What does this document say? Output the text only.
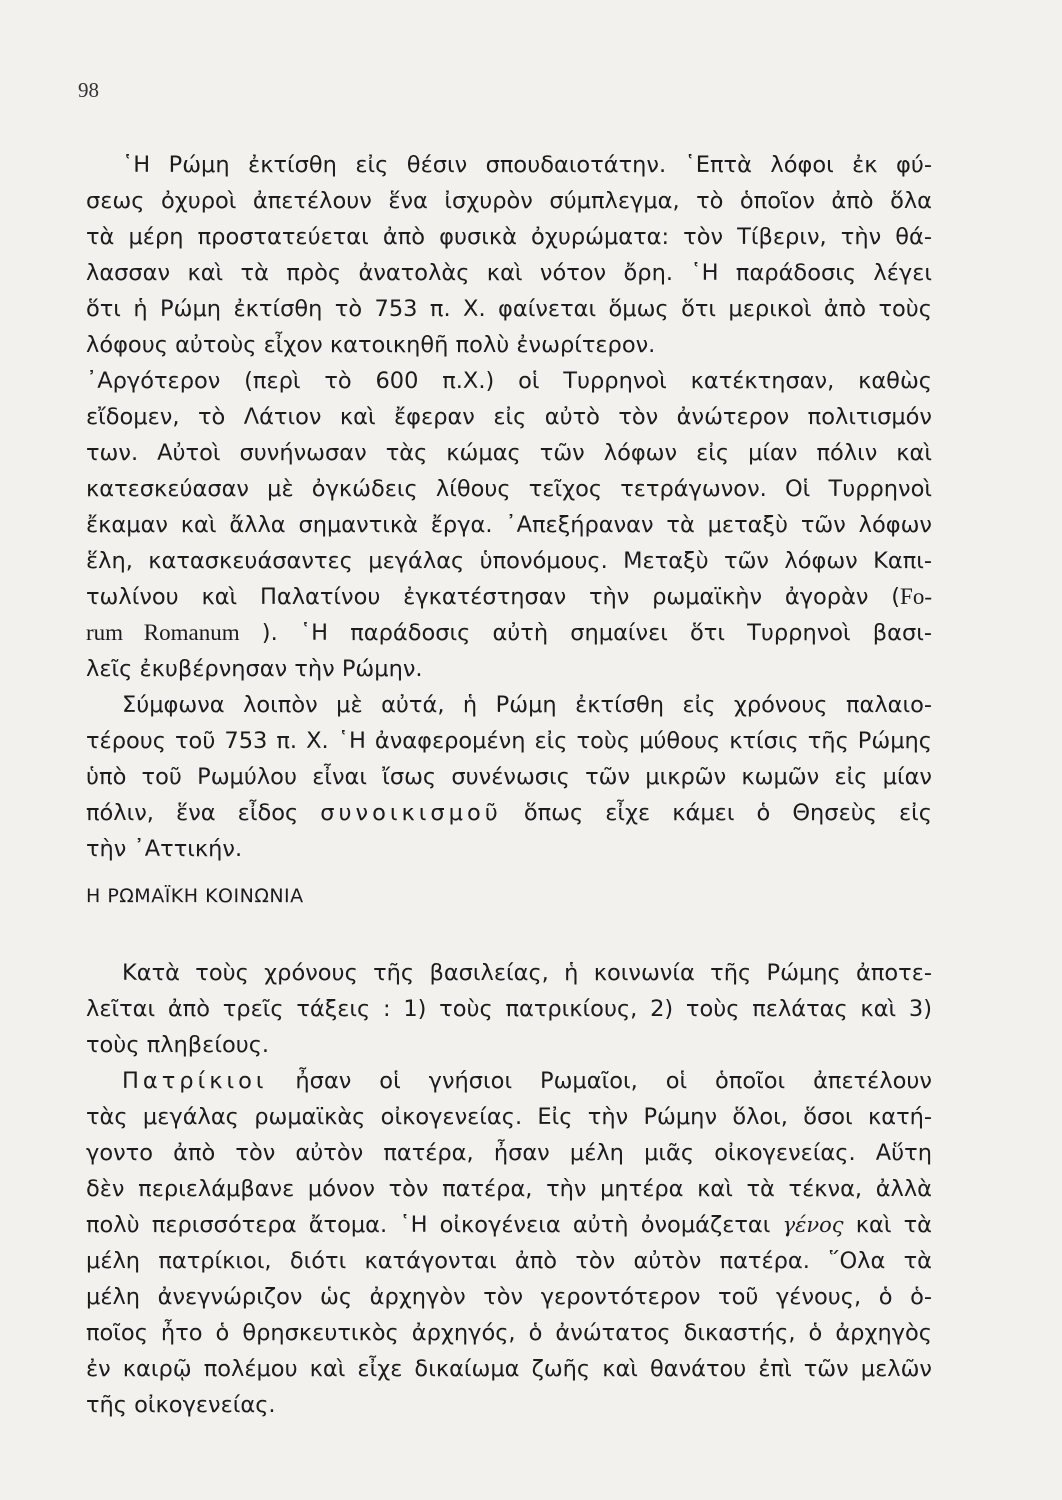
98
῾Η Ρώμη ἐκτίσθη εἰς θέσιν σπουδαιοτάτην. ῾Επτὰ λόφοι ἐκ φύ-
σεως ὀχυροὶ ἀπετέλουν ἕνα ἰσχυρὸν σύμπλεγμα, τὸ ὁποῖον ἀπὸ ὅλα
τὰ μέρη προστατεύεται ἀπὸ φυσικὰ ὀχυρώματα: τὸν Τίβεριν, τὴν θά-
λασσαν καὶ τὰ πρὸς ἀνατολὰς καὶ νότον ὄρη. ῾Η παράδοσις λέγει
ὅτι ἡ Ρώμη ἐκτίσθη τὸ 753 π. Χ. φαίνεται ὅμως ὅτι μερικοὶ ἀπὸ τοὺς
λόφους αὐτοὺς εἶχον κατοικηθῆ πολὺ ἐνωρίτερον.
᾿Αργότερον (περὶ τὸ 600 π.Χ.) οἱ Τυρρηνοὶ κατέκτησαν, καθὼς
εἴδομεν, τὸ Λάτιον καὶ ἔφεραν εἰς αὐτὸ τὸν ἀνώτερον πολιτισμόν
των. Αὐτοὶ συνήνωσαν τὰς κώμας τῶν λόφων εἰς μίαν πόλιν καὶ
κατεσκεύασαν μὲ ὀγκώδεις λίθους τεῖχος τετράγωνον. Οἱ Τυρρηνοὶ
ἔκαμαν καὶ ἄλλα σημαντικὰ ἔργα. ᾿Απεξήραναν τὰ μεταξὺ τῶν λόφων
ἕλη, κατασκευάσαντες μεγάλας ὑπονόμους. Μεταξὺ τῶν λόφων Καπι-
τωλίνου καὶ Παλατίνου ἐγκατέστησαν τὴν ρωμαϊκὴν ἀγορὰν (Fo-
rum Romanum ). ῾Η παράδοσις αὐτὴ σημαίνει ὅτι Τυρρηνοὶ βασι-
λεῖς ἐκυβέρνησαν τὴν Ρώμην.
Σύμφωνα λοιπὸν μὲ αὐτά, ἡ Ρώμη ἐκτίσθη εἰς χρόνους παλαιο-
τέρους τοῦ 753 π. Χ. ῾Η ἀναφερομένη εἰς τοὺς μύθους κτίσις τῆς Ρώμης
ὑπὸ τοῦ Ρωμύλου εἶναι ἴσως συνένωσις τῶν μικρῶν κωμῶν εἰς μίαν
πόλιν, ἕνα εἶδος συνοικισμοῦ ὅπως εἶχε κάμει ὁ Θησεὺς εἰς
τὴν ᾿Αττικήν.
Η ΡΩΜΑΪΚΗ ΚΟΙΝΩΝΙΑ
Κατὰ τοὺς χρόνους τῆς βασιλείας, ἡ κοινωνία τῆς Ρώμης ἀποτε-
λεῖται ἀπὸ τρεῖς τάξεις : 1) τοὺς πατρικίους, 2) τοὺς πελάτας καὶ 3)
τοὺς πληβείους.
Πατρίκιοι ἦσαν οἱ γνήσιοι Ρωμαῖοι, οἱ ὁποῖοι ἀπετέλουν
τὰς μεγάλας ρωμαϊκὰς οἰκογενείας. Εἰς τὴν Ρώμην ὅλοι, ὅσοι κατή-
γοντο ἀπὸ τὸν αὐτὸν πατέρα, ἦσαν μέλη μιᾶς οἰκογενείας. Αὕτη
δὲν περιελάμβανε μόνον τὸν πατέρα, τὴν μητέρα καὶ τὰ τέκνα, ἀλλὰ
πολὺ περισσότερα ἄτομα. ῾Η οἰκογένεια αὐτὴ ὀνομάζεται γένος καὶ τὰ
μέλη πατρίκιοι, διότι κατάγονται ἀπὸ τὸν αὐτὸν πατέρα. ῞Ολα τὰ
μέλη ἀνεγνώριζον ὡς ἀρχηγὸν τὸν γεροντότερον τοῦ γένους, ὁ ὁ-
ποῖος ἦτο ὁ θρησκευτικὸς ἀρχηγός, ὁ ἀνώτατος δικαστής, ὁ ἀρχηγὸς
ἐν καιρῷ πολέμου καὶ εἶχε δικαίωμα ζωῆς καὶ θανάτου ἐπὶ τῶν μελῶν
τῆς οἰκογενείας.
